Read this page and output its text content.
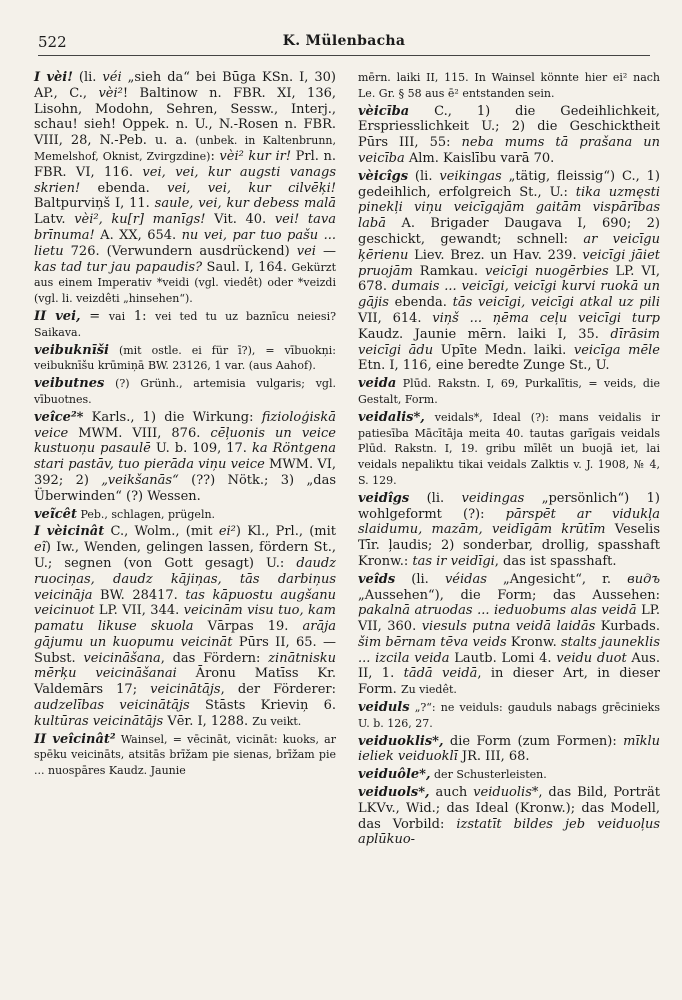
522	K. Mülenbacha

I vèi! (li. véi „sieh da“ bei Būga KSn. I, 30) AP., C., vèi²! Baltinow n. FBR. XI, 136, Lisohn, Modohn, Sehren, Sessw., Interj., schau! sieh! Oppek. n. U., N.-Rosen n. FBR. VIII, 28, N.-Peb. u. a. (unbek. in Kaltenbrunn, Memelshof, Oknist, Zvirgzdine): vèi² kur ir! Prl. n. FBR. VI, 116. vei, vei, kur augsti vanags skrien! ebenda. vei, vei, kur cilvēķi! Baltpurviņš I, 11. saule, vei, kur debess malā Latv. vèi², ku[r] manīgs! Vit. 40. vei! tava brīnuma! A. XX, 654. nu vei, par tuo pašu ... lietu 726. (Verwundern ausdrückend) vei — kas tad tur jau papaudis? Saul. I, 164. Gekürzt aus einem Imperativ *veidi (vgl. viedêt) oder *veizdi (vgl. li. veizdêti „hinsehen“).

II vei, = vai 1: vei ted tu uz baznīcu neiesi? Saikava.

veibuknīši (mit ostle. ei für ī?), = vībuokņi: veibuknīšu krūmiņā BW. 23126, 1 var. (aus Aahof).

veibutnes (?) Grünh., artemisia vulgaris; vgl. vībuotnes.

veîce²* Karls., 1) die Wirkung: fizioloģiskā veice MWM. VIII, 876. cēļuonis un veice kustuoņu pasaulē U. b. 109, 17. ka Röntgena stari pastāv, tuo pierāda viņu veice MWM. VI, 392; 2) „veikšanās“ (??) Nötk.; 3) „das Überwinden“ (?) Wessen.

veĩcêt Peb., schlagen, prügeln.

I vèicinât C., Wolm., (mit ei²) Kl., Prl., (mit eĩ) Iw., Wenden, gelingen lassen, fördern St., U.; segnen (von Gott gesagt) U.: daudz ruociņas, daudz kājiņas, tās darbiņus veicināja BW. 28417. tas kāpuostu augšanu veicinuot LP. VII, 344. veicinām visu tuo, kam pamatu likuse skuola Vārpas 19. arāja gājumu un kuopumu veicināt Pūrs II, 65. — Subst. veicināšana, das Fördern: zinātnisku mērķu veicināšanai Āronu Matīss Kr. Valdemārs 17; veicinātājs, der Förderer: audzelības veicinātājs Stāsts Krieviņ 6. kultūras veicinātājs Vēr. I, 1288. Zu veikt.

II veîcinât² Wainsel, = vēcināt, vicināt: kuoks, ar spēku veicināts, atsitās brīžam pie sienas, brīžam pie ... nuospāres Kaudz. Jaunie

mērn. laiki II, 115. In Wainsel könnte hier ei² nach Le. Gr. § 58 aus ē² entstanden sein.

vèicība C., 1) die Gedeihlichkeit, Erspriesslichkeit U.; 2) die Geschicktheit Pūrs III, 55: neba mums tā prašana un veicība Alm. Kaislību varā 70.

vèicîgs (li. veikingas „tätig, fleissig“) C., 1) gedeihlich, erfolgreich St., U.: tika uzmęsti pinekļi viņu veicīgajām gaitām vispārības labā A. Brigader Daugava I, 690; 2) geschickt, gewandt; schnell: ar veicīgu ķērienu Liev. Brez. un Hav. 239. veicīgi jāiet pruojām Ramkau. veicīgi nuogērbies LP. VI, 678. dumais ... veicīgi, veicīgi kurvi ruokā un gājis ebenda. tās veicīgi, veicīgi atkal uz pili VII, 614. viņš ... ņēma ceļu veicīgi turp Kaudz. Jaunie mērn. laiki I, 35. dīrāsim veicīgi ādu Upīte Medn. laiki. veicīga mēle Etn. I, 116, eine beredte Zunge St., U.

veida Plūd. Rakstn. I, 69, Purkalītis, = veids, die Gestalt, Form.

veidalis*, veidals*, Ideal (?): mans veidalis ir patiesība Mācītāja meita 40. tautas garīgais veidals Plūd. Rakstn. I, 19. gribu mīlēt un buojā iet, lai veidals nepaliktu tikai veidals Zalktis v. J. 1908, № 4, S. 129.

veidîgs (li. veidingas „persönlich“) 1) wohlgeformt (?): pārspēt ar vidukļa slaidumu, mazām, veidīgām krūtīm Veselis Tīr. ļaudis; 2) sonderbar, drollig, spasshaft Kronw.: tas ir veidīgi, das ist spasshaft.

veîds (li. véidas „Angesicht“, r. видъ „Aussehen“), die Form; das Aussehen: pakalnā atruodas ... ieduobums alas veidā LP. VII, 360. viesuls putna veidā laidās Kurbads. šim bērnam tēva veids Kronw. stalts jauneklis ... izcila veida Lautb. Lomi 4. veidu duot Aus. II, 1. tādā veidā, in dieser Art, in dieser Form. Zu viedêt.

veiduls „?“: ne veiduls: gauduls nabags grēcinieks U. b. 126, 27.

veiduoklis*, die Form (zum Formen): mīklu ieliek veiduoklī JR. III, 68.

veiduôle*, der Schusterleisten.

veiduols*, auch veiduolis*, das Bild, Porträt LKVv., Wid.; das Ideal (Kronw.); das Modell, das Vorbild: izstatīt bildes jeb veiduoļus aplūkuo-
